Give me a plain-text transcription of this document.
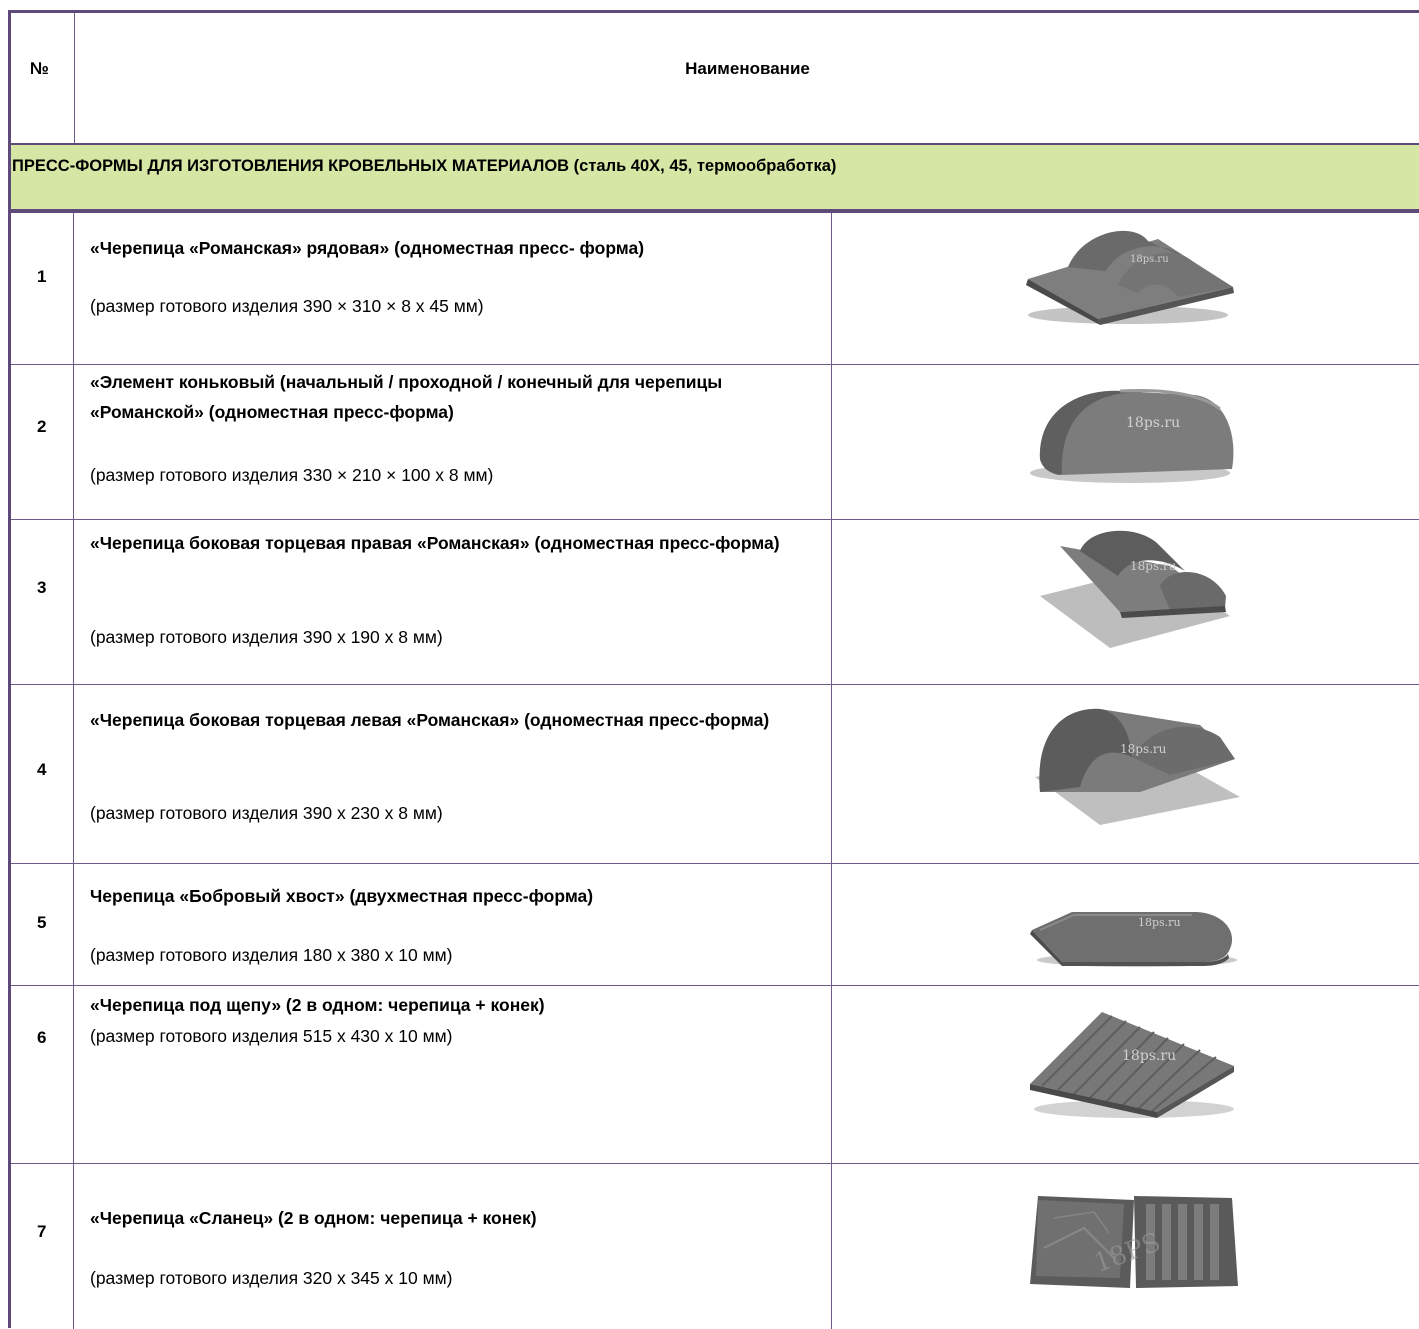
№	Наименование
ПРЕСС-ФОРМЫ ДЛЯ ИЗГОТОВЛЕНИЯ КРОВЕЛЬНЫХ МАТЕРИАЛОВ (сталь 40Х, 45, термообработка)
1
«Черепица «Романская» рядовая» (одноместная пресс- форма)
(размер готового изделия 390 × 310 × 8 х 45 мм)
18ps.ru
2
«Элемент коньковый (начальный / проходной / конечный для черепицы «Романской» (одноместная пресс-форма)
(размер готового изделия 330 × 210 × 100 х 8 мм)
18ps.ru
3
«Черепица боковая торцевая правая «Романская» (одноместная пресс-форма)
(размер готового изделия 390 х 190 х 8 мм)
18ps.ru
4
«Черепица боковая торцевая левая «Романская» (одноместная пресс-форма)
(размер готового изделия 390 х 230 х 8 мм)
18ps.ru
5
Черепица «Бобровый хвост» (двухместная пресс-форма)
(размер готового изделия 180 х 380 х 10 мм)
18ps.ru
6
«Черепица под щепу» (2 в одном: черепица + конек)
(размер готового изделия 515 х 430 х 10 мм)
18ps.ru
7
«Черепица «Сланец» (2 в одном: черепица + конек)
(размер готового изделия 320 х 345 х 10 мм)	18PS
